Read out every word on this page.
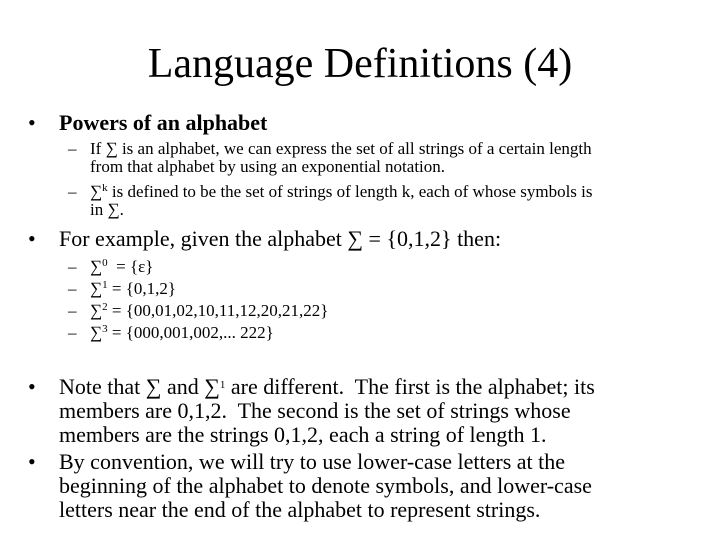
Language Definitions (4)
• Powers of an alphabet
– If ∑ is an alphabet, we can express the set of all strings of a certain length
from that alphabet by using an exponential notation.
– ∑$^k$ is defined to be the set of strings of length k, each of whose symbols is
in ∑.
• For example, given the alphabet ∑ = {0,1,2} then:
– ∑$^0$  = {ε}
– ∑$^1$ = {0,1,2}
– ∑$^2$ = {00,01,02,10,11,12,20,21,22}
– ∑$^3$ = {000,001,002,... 222}
• Note that ∑ and ∑$^1$ are different.  The first is the alphabet; its
members are 0,1,2.  The second is the set of strings whose
members are the strings 0,1,2, each a string of length 1.
• By convention, we will try to use lower-case letters at the
beginning of the alphabet to denote symbols, and lower-case
letters near the end of the alphabet to represent strings.
